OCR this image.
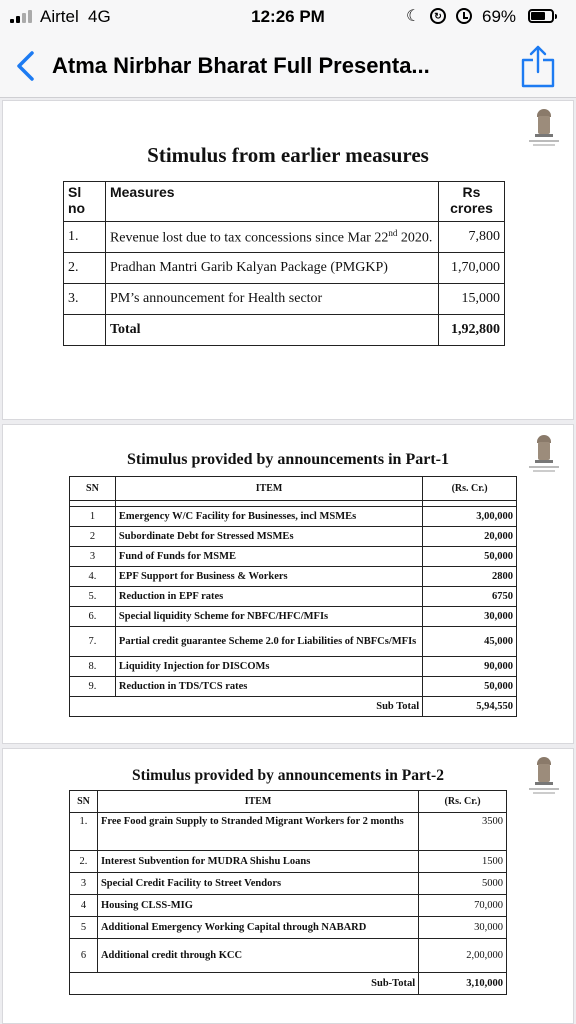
Airtel 4G	12:26 PM	☾	↻ 69%
Atma Nirbhar Bharat Full Presenta...
Stimulus from earlier measures
Sl no	Measures	Rs crores
1.	Revenue lost due to tax concessions since Mar 22nd 2020.	7,800
2.	Pradhan Mantri Garib Kalyan Package (PMGKP)	1,70,000
3.	PM’s announcement for Health sector	15,000
	Total	1,92,800
Stimulus provided by announcements in Part-1
SN	ITEM	(Rs. Cr.)

1	Emergency W/C Facility for Businesses, incl MSMEs	3,00,000
2	Subordinate Debt for Stressed MSMEs	20,000
3	Fund of Funds for MSME	50,000
4.	EPF Support for Business & Workers	2800
5.	Reduction in EPF rates	6750
6.	Special liquidity Scheme for NBFC/HFC/MFIs	30,000
7.	Partial credit guarantee Scheme 2.0 for Liabilities of NBFCs/MFIs	45,000
8.	Liquidity Injection for DISCOMs	90,000
9.	Reduction in TDS/TCS rates	50,000
Sub Total		5,94,550
Stimulus provided by announcements in Part-2
SN	ITEM	(Rs. Cr.)
1.	Free Food grain Supply to Stranded Migrant Workers for 2 months	3500
2.	Interest Subvention for MUDRA Shishu Loans	1500
3	Special Credit Facility to Street Vendors	5000
4	Housing CLSS-MIG	70,000
5	Additional Emergency Working Capital through NABARD	30,000
6	Additional credit through KCC	2,00,000
Sub-Total		3,10,000
